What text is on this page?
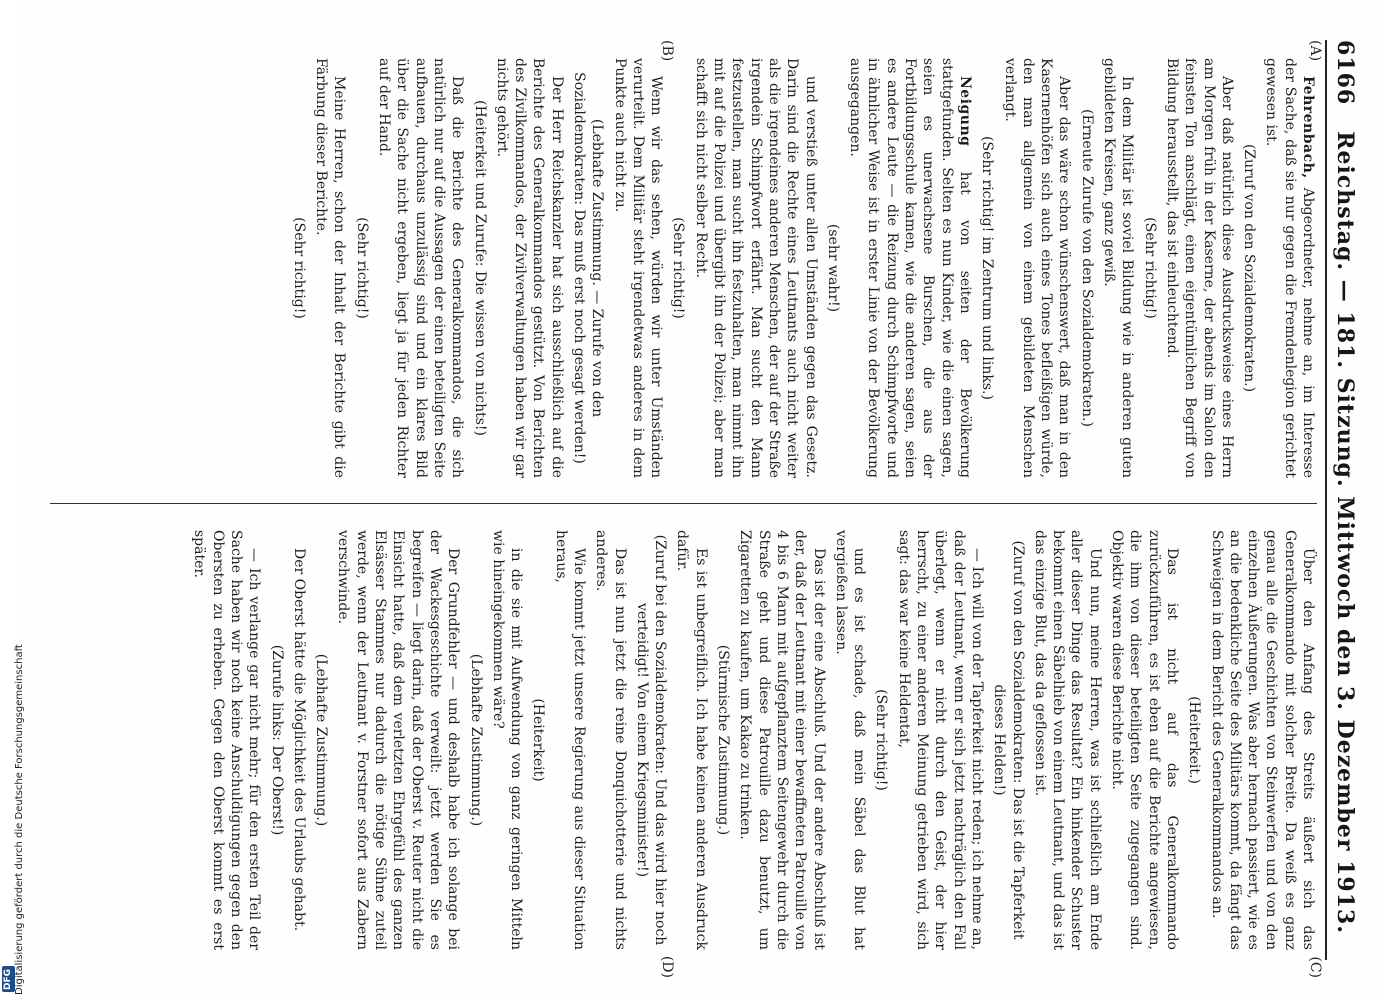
6166
Reichstag. — 181. Sitzung. Mittwoch den 3. Dezember 1913.
(A)
(B)
(C)
(D)

Fehrenbach, Abgeordneter, nehme an, im Interesse der Sache, daß sie nur gegen die Fremdenlegion gerichtet gewesen ist.

(Zuruf von den Sozialdemokraten.)

Aber daß natürlich diese Ausdrucksweise eines Herrn am Morgen früh in der Kaserne, der abends im Salon den feinsten Ton anschlägt, einen eigentümlichen Begriff von Bildung herausstellt, das ist einleuchtend.

(Sehr richtig!)

In dem Militär ist soviel Bildung wie in anderen guten gebildeten Kreisen, ganz gewiß.

(Erneute Zurufe von den Sozialdemokraten.)

Aber das wäre schon wünschenswert, daß man in den Kasernenhöfen sich auch eines Tones befleißigen würde, den man allgemein von einem gebildeten Menschen verlangt.

(Sehr richtig! im Zentrum und links.)

Neigung hat von seiten der Bevölkerung stattgefunden. Selten es nun Kinder, wie die einen sagen, seien es unerwachsene Burschen, die aus der Fortbildungsschule kamen, wie die anderen sagen, seien es andere Leute — die Reizung durch Schimpfworte und in ähnlicher Weise ist in erster Linie von der Bevölkerung ausgegangen.

(sehr wahr!)

und verstieß unter allen Umständen gegen das Gesetz. Darin sind die Rechte eines Leutnants auch nicht weiter als die irgendeines anderen Menschen, der auf der Straße irgendein Schimpfwort erfährt. Man sucht den Mann festzustellen, man sucht ihn festzuhalten, man nimmt ihn mit auf die Polizei und übergibt ihn der Polizei; aber man schafft sich nicht selber Recht.

(Sehr richtig!)

Wenn wir das sehen, würden wir unter Umständen verurteilt. Dem Militär steht irgendetwas anderes in dem Punkte auch nicht zu.

(Lebhafte Zustimmung. — Zurufe von den Sozialdemokraten: Das muß erst noch gesagt werden!)

Der Herr Reichskanzler hat sich ausschließlich auf die Berichte des Generalkommandos gestützt. Von Berichten des Zivilkommandos, der Zivilverwaltungen haben wir gar nichts gehört.

(Heiterkeit und Zurufe: Die wissen von nichts!)

Daß die Berichte des Generalkommandos, die sich natürlich nur auf die Aussagen der einen beteiligten Seite aufbauen, durchaus unzulässig sind und ein klares Bild über die Sache nicht ergeben, liegt ja für jeden Richter auf der Hand.

(Sehr richtig!)

Meine Herren, schon der Inhalt der Berichte gibt die Färbung dieser Berichte.

(Sehr richtig!)

Über den Anfang des Streits äußert sich das Generalkommando mit solcher Breite. Da weiß es ganz genau alle die Geschichten von Steinwerfen und von den einzelnen Äußerungen. Was aber hernach passiert, wie es an die bedenkliche Seite des Militärs kommt, da fängt das Schweigen in dem Bericht des Generalkommandos an.

(Heiterkeit.)

Das ist nicht auf das Generalkommando zurückzuführen, es ist eben auf die Berichte angewiesen, die ihm von dieser beteiligten Seite zugegangen sind. Objektiv waren diese Berichte nicht.

Und nun, meine Herren, was ist schließlich am Ende aller dieser Dinge das Resultat? Ein hinkender Schuster bekommt einen Säbelhieb von einem Leutnant, und das ist das einzige Blut, das da geflossen ist.

(Zuruf von den Sozialdemokraten: Das ist die Tapferkeit dieses Helden!)

— Ich will von der Tapferkeit nicht reden; ich nehme an, daß der Leutnant, wenn er sich jetzt nachträglich den Fall überlegt, wenn er nicht durch den Geist, der hier herrscht, zu einer anderen Meinung getrieben wird, sich sagt: das war keine Heldentat,

(Sehr richtig!)

und es ist schade, daß mein Säbel das Blut hat vergießen lassen.

Das ist der eine Abschluß. Und der andere Abschluß ist der, daß der Leutnant mit einer bewaffneten Patrouille von 4 bis 6 Mann mit aufgepflanztem Seitengewehr durch die Straße geht und diese Patrouille dazu benutzt, um Zigaretten zu kaufen, um Kakao zu trinken.

(Stürmische Zustimmung.)

Es ist unbegreiflich. Ich habe keinen anderen Ausdruck dafür.

(Zuruf bei den Sozialdemokraten: Und das wird hier noch verteidigt! Von einem Kriegsminister!)

Das ist nun jetzt die reine Donquichotterie und nichts anderes.

Wie kommt jetzt unsere Regierung aus dieser Situation heraus,

(Heiterkeit)

in die sie mit Aufwendung von ganz geringen Mitteln wie hineingekommen wäre?

(Lebhafte Zustimmung.)

Der Grundfehler — und deshalb habe ich solange bei der Wackesgeschichte verweilt: jetzt werden Sie es begreifen — liegt darin, daß der Oberst v. Reuter nicht die Einsicht hatte, daß dem verletzten Ehrgefühl des ganzen Elsässer Stammes nur dadurch die nötige Sühne zuteil werde, wenn der Leutnant v. Forstner sofort aus Zabern verschwinde.

(Lebhafte Zustimmung.)

Der Oberst hätte die Möglichkeit des Urlaubs gehabt.

(Zurufe links: Der Oberst!)

— Ich verlange gar nicht mehr; für den ersten Teil der Sache haben wir noch keine Anschuldigungen gegen den Obersten zu erheben. Gegen den Oberst kommt es erst später.

DFG Digitalisierung gefördert durch die Deutsche Forschungsgemeinschaft
